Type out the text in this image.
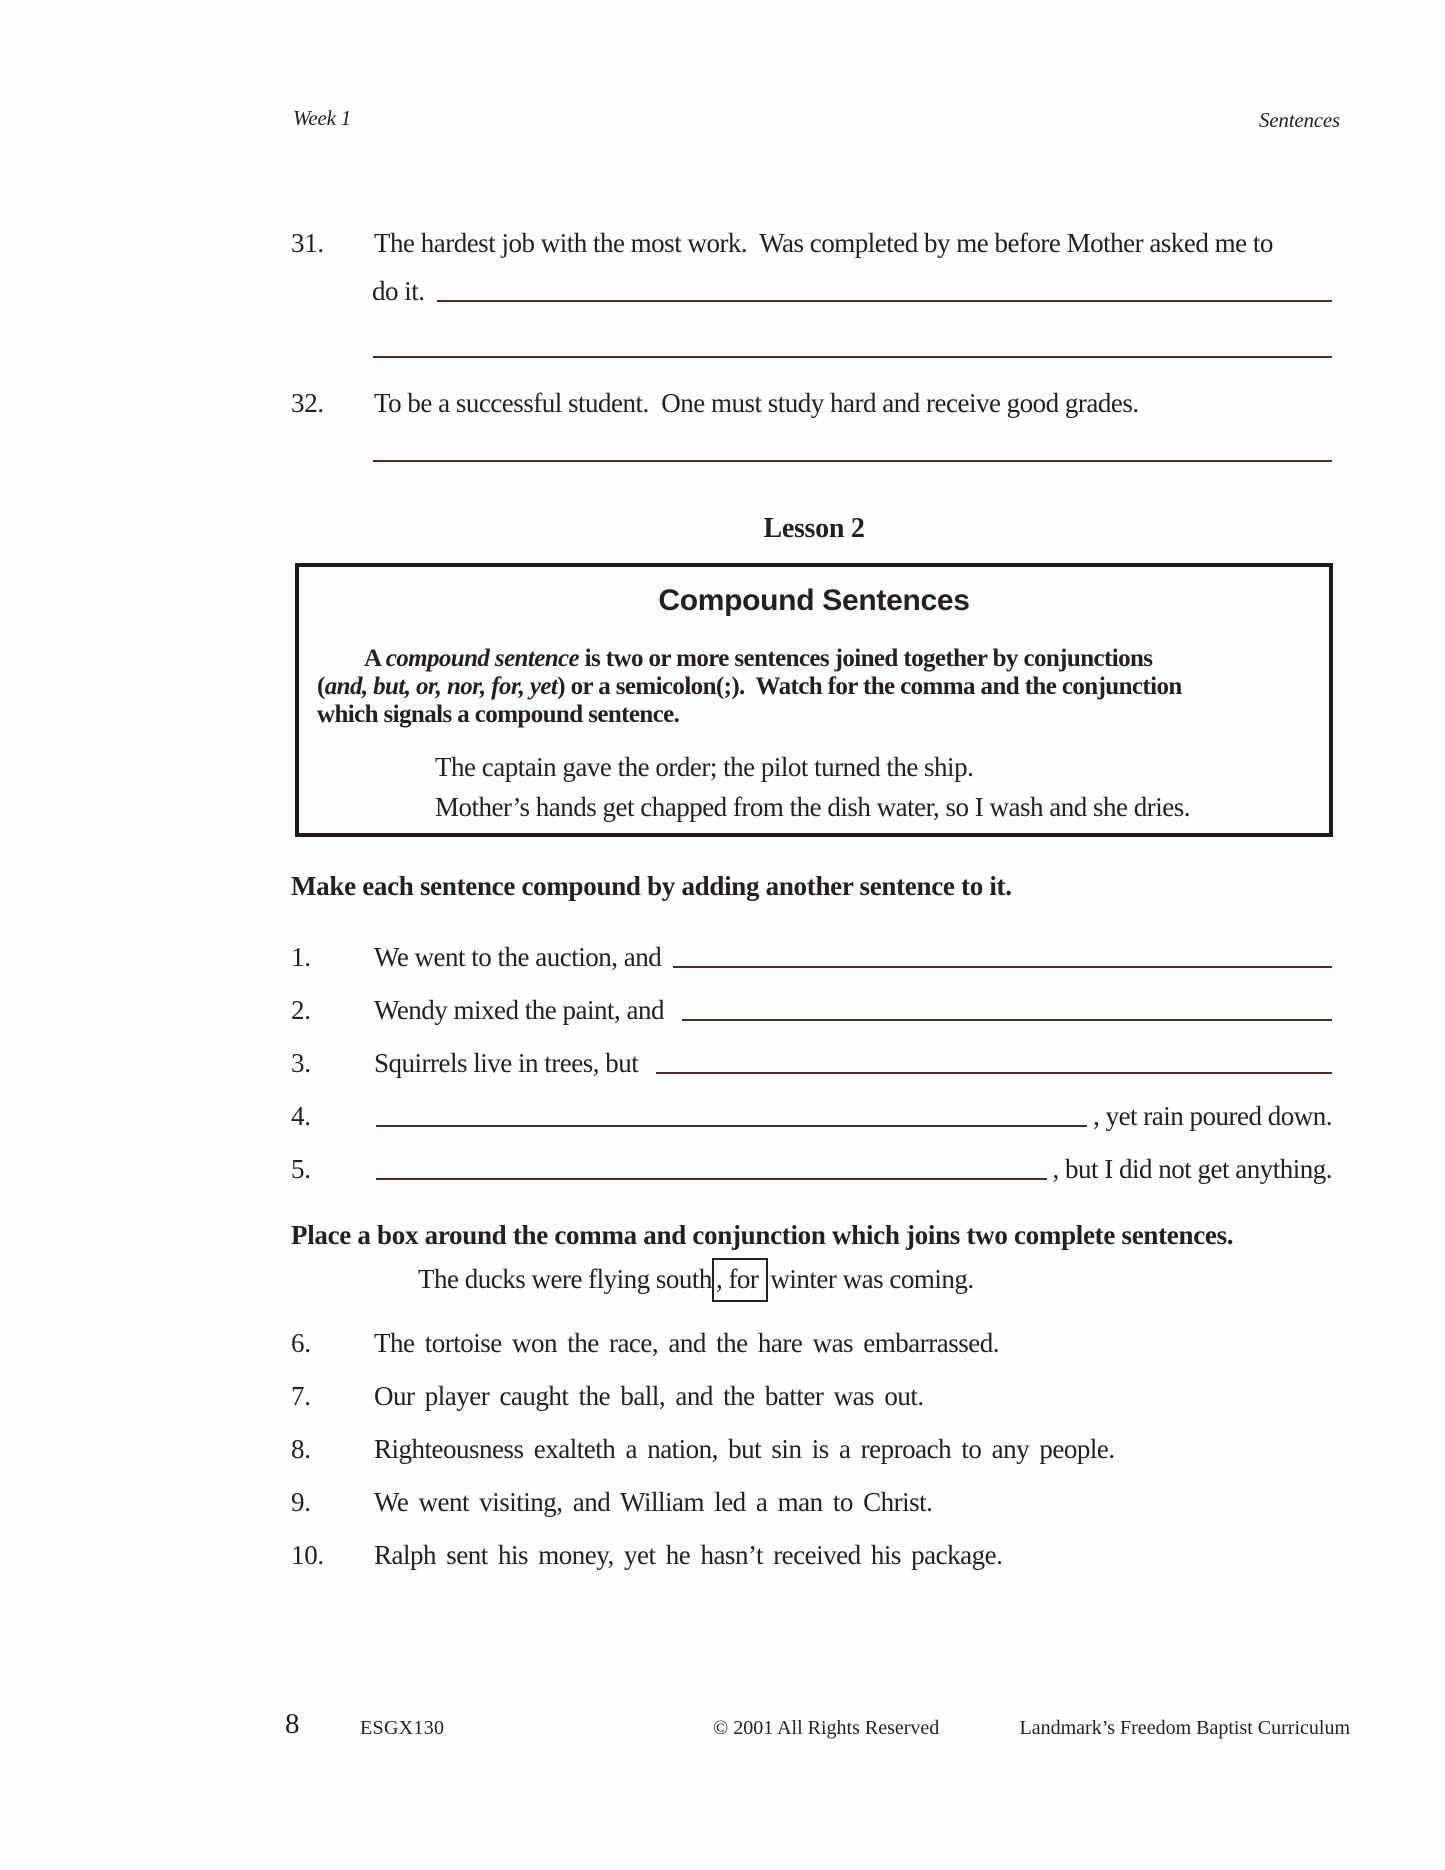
Week 1	Sentences
31.	The hardest job with the most work.  Was completed by me before Mother asked me to
do it.
32.	To be a successful student.  One must study hard and receive good grades.
Lesson 2
Compound Sentences
A compound sentence is two or more sentences joined together by conjunctions
(and, but, or, nor, for, yet) or a semicolon(;).  Watch for the comma and the conjunction
which signals a compound sentence.
The captain gave the order; the pilot turned the ship.
Mother’s hands get chapped from the dish water, so I wash and she dries.
Make each sentence compound by adding another sentence to it.
1.	We went to the auction, and
2.	Wendy mixed the paint, and
3.	Squirrels live in trees, but
4.	, yet rain poured down.
5.	, but I did not get anything.
Place a box around the comma and conjunction which joins two complete sentences.
The ducks were flying south , for winter was coming.
6.	The tortoise won the race, and the hare was embarrassed.
7.	Our player caught the ball, and the batter was out.
8.	Righteousness exalteth a nation, but sin is a reproach to any people.
9.	We went visiting, and William led a man to Christ.
10.	Ralph sent his money, yet he hasn’t received his package.
8	ESGX130	© 2001 All Rights Reserved	Landmark’s Freedom Baptist Curriculum
